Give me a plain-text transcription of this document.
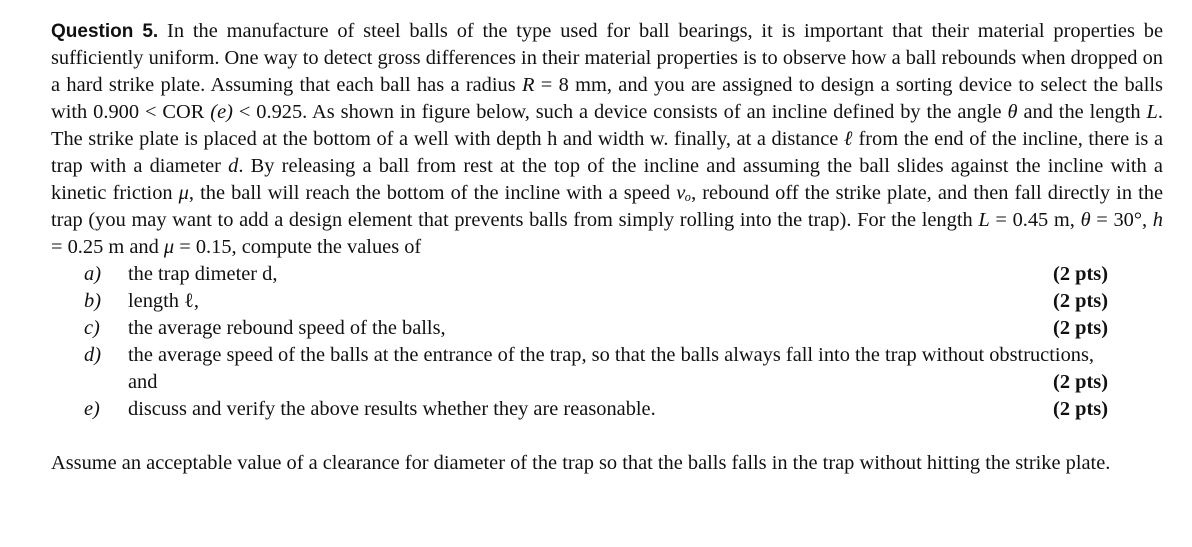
Question 5. In the manufacture of steel balls of the type used for ball bearings, it is important that their material properties be sufficiently uniform. One way to detect gross differences in their material properties is to observe how a ball rebounds when dropped on a hard strike plate. Assuming that each ball has a radius R = 8 mm, and you are assigned to design a sorting device to select the balls with 0.900 < COR (e) < 0.925. As shown in figure below, such a device consists of an incline defined by the angle θ and the length L. The strike plate is placed at the bottom of a well with depth h and width w. finally, at a distance ℓ from the end of the incline, there is a trap with a diameter d. By releasing a ball from rest at the top of the incline and assuming the ball slides against the incline with a kinetic friction μ, the ball will reach the bottom of the incline with a speed vₒ, rebound off the strike plate, and then fall directly in the trap (you may want to add a design element that prevents balls from simply rolling into the trap). For the length L = 0.45 m, θ = 30°, h = 0.25 m and μ = 0.15, compute the values of

a)	the trap dimeter d,	(2 pts)
b)	length ℓ,	(2 pts)
c)	the average rebound speed of the balls,	(2 pts)
d)	the average speed of the balls at the entrance of the trap, so that the balls always fall into the trap without obstructions, and	(2 pts)
e)	discuss and verify the above results whether they are reasonable.	(2 pts)

Assume an acceptable value of a clearance for diameter of the trap so that the balls falls in the trap without hitting the strike plate.
